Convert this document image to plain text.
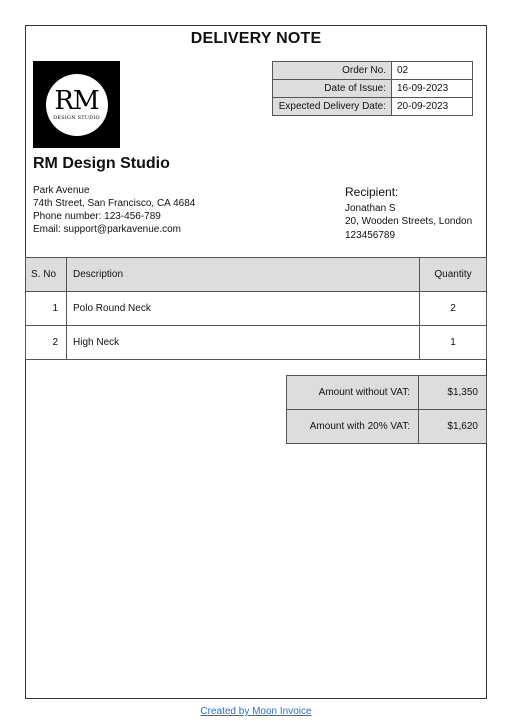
DELIVERY NOTE
RM
DESIGN STUDIO
Order No.	02
Date of Issue:	16-09-2023
Expected Delivery Date:	20-09-2023
RM Design Studio
Park Avenue
74th Street, San Francisco, CA 4684
Phone number: 123-456-789
Email: support@parkavenue.com
Recipient:
Jonathan S
20, Wooden Streets, London
123456789
S. No	Description	Quantity
1	Polo Round Neck	2
2	High Neck	1
Amount without VAT:	$1,350
Amount with 20% VAT:	$1,620
Created by Moon Invoice
